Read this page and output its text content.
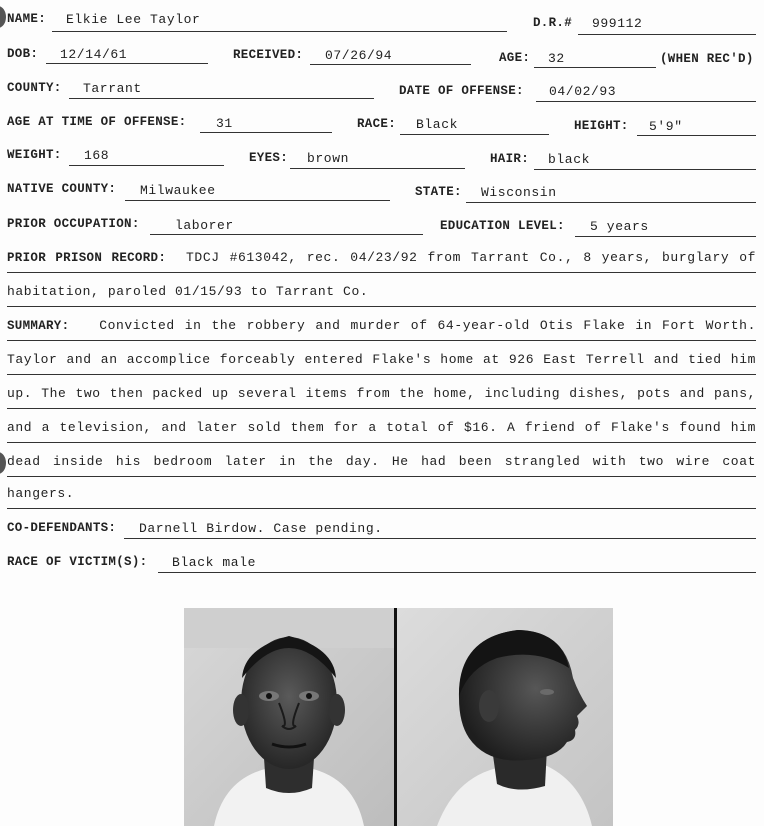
NAME: Elkie Lee Taylor	D.R.# 999112
DOB: 12/14/61	RECEIVED: 07/26/94	AGE: 32	(WHEN REC'D)
COUNTY: Tarrant	DATE OF OFFENSE: 04/02/93
AGE AT TIME OF OFFENSE: 31	RACE: Black	HEIGHT: 5'9"
WEIGHT: 168	EYES: brown	HAIR: black
NATIVE COUNTY: Milwaukee	STATE: Wisconsin
PRIOR OCCUPATION:	laborer	EDUCATION LEVEL: 5 years
PRIOR PRISON RECORD: TDCJ #613042, rec. 04/23/92 from Tarrant Co., 8 years, burglary of
habitation, paroled 01/15/93 to Tarrant Co.
SUMMARY: Convicted in the robbery and murder of 64-year-old Otis Flake in Fort Worth.
Taylor and an accomplice forceably entered Flake's home at 926 East Terrell and tied him
up. The two then packed up several items from the home, including dishes, pots and pans,
and a television, and later sold them for a total of $16. A friend of Flake's found him
dead inside his bedroom later in the day. He had been strangled with two wire coat
hangers.
CO-DEFENDANTS: Darnell Birdow. Case pending.
RACE OF VICTIM(S): Black male
